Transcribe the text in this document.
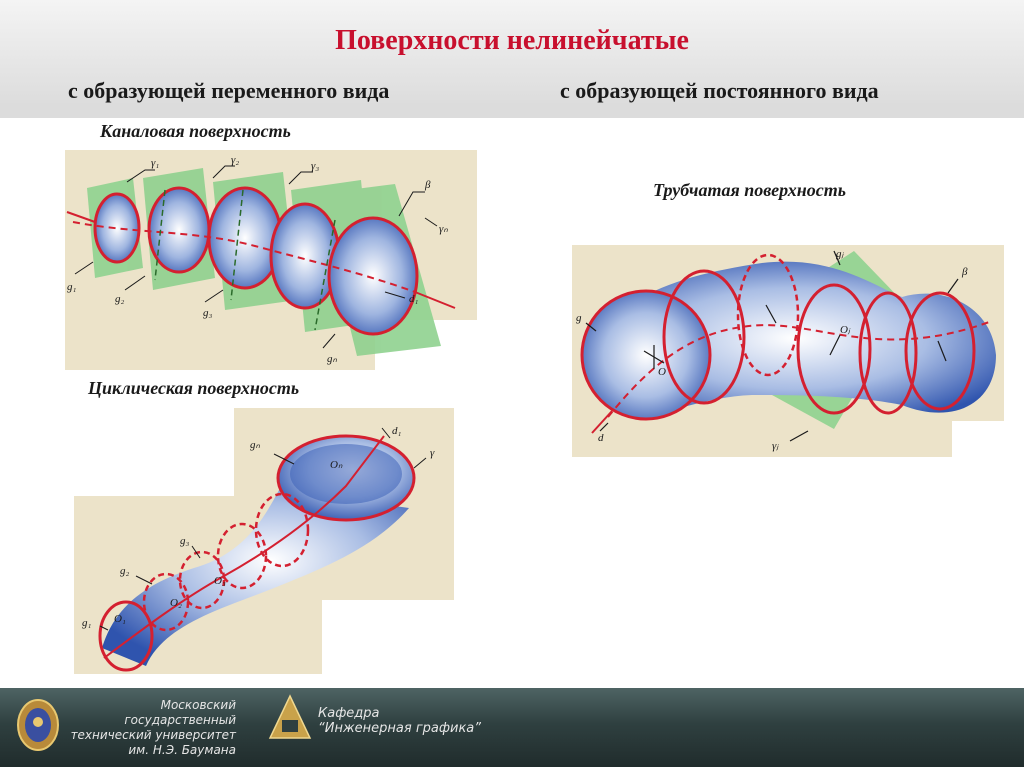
Поверхности нелинейчатые
с образующей переменного вида	с образующей постоянного вида
Каналовая поверхность
g₁
g₂
g₃
gₙ
γ₁	γ₂	γ₃
γₙ
β
d₁
Циклическая поверхность
gₙ
d₁
Oₙ
γ
g₃
g₂
g₁ O₁
O₂
O₃
Трубчатая поверхность
g
gⱼ
β
O
Oⱼ
d
γⱼ
Московский государственный
технический университет
им. Н.Э. Баумана
Кафедра
“Инженерная графика”
